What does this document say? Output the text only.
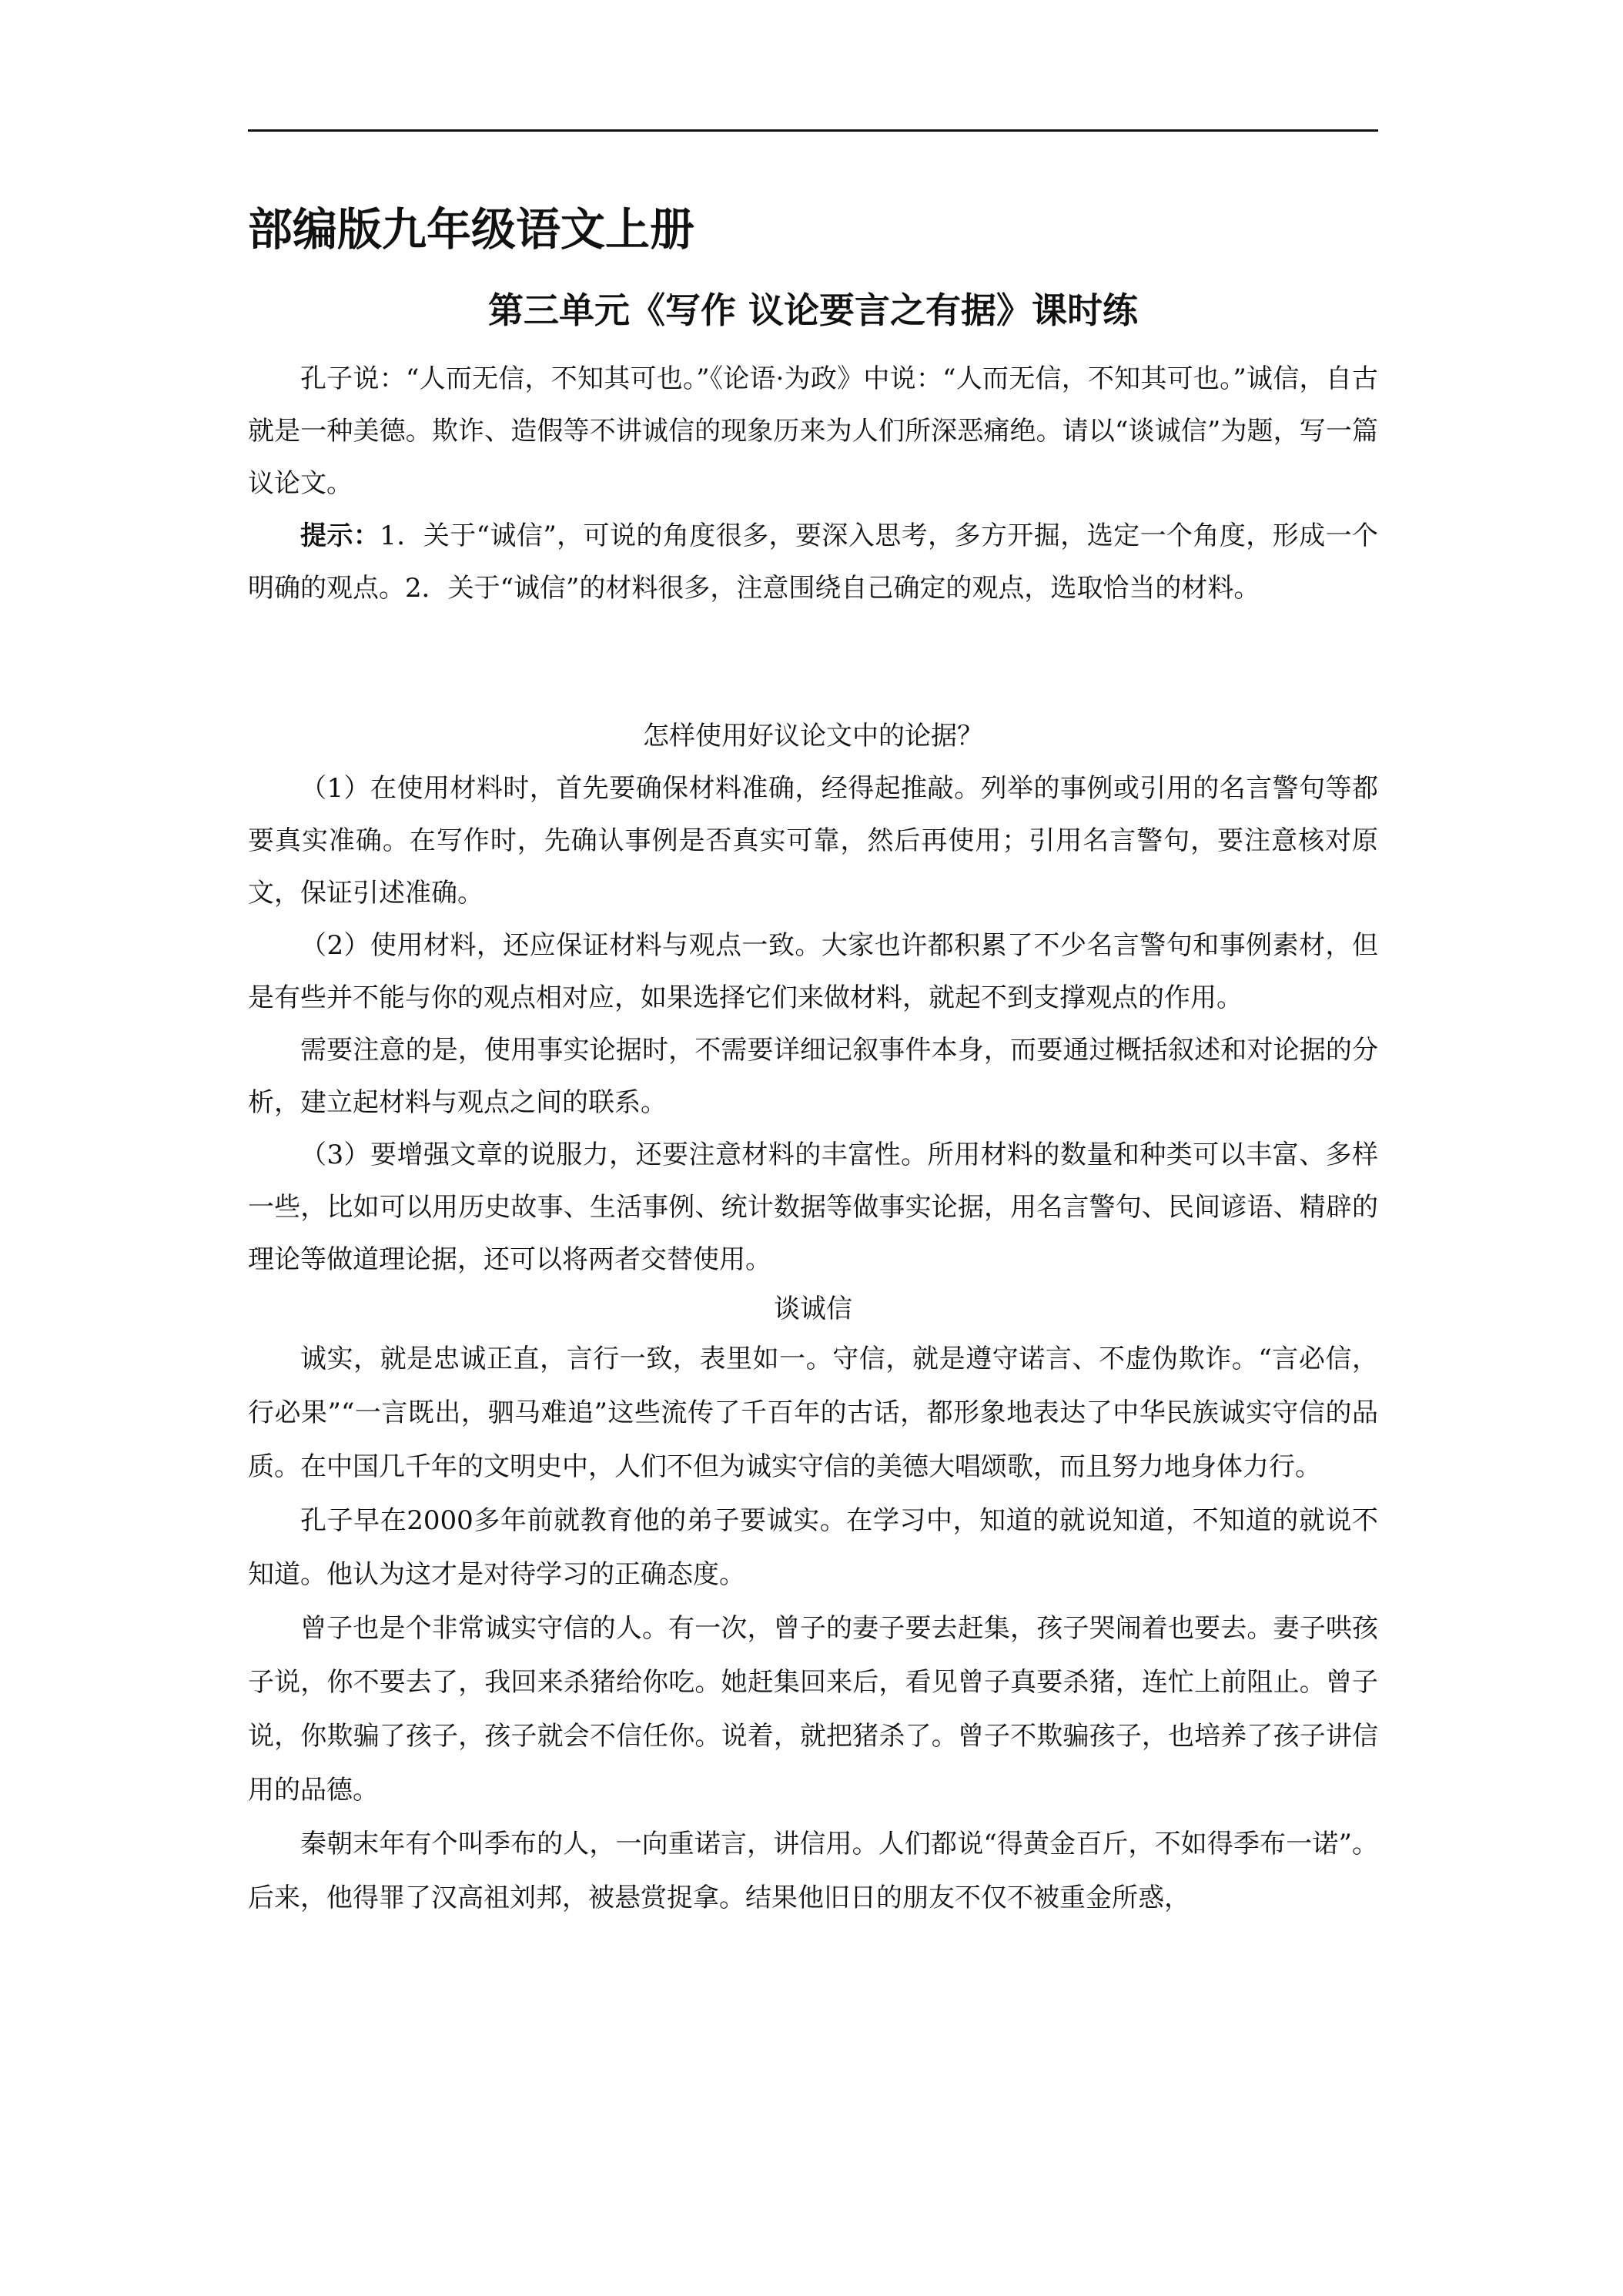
部编版九年级语文上册
第三单元《写作 议论要言之有据》课时练

孔子说：“人而无信，不知其可也。”《论语·为政》中说：“人而无信，不知其可也。”诚信，自古就是一种美德。欺诈、造假等不讲诚信的现象历来为人们所深恶痛绝。请以“谈诚信”为题，写一篇议论文。

提示：1．关于“诚信”，可说的角度很多，要深入思考，多方开掘，选定一个角度，形成一个明确的观点。2．关于“诚信”的材料很多，注意围绕自己确定的观点，选取恰当的材料。

怎样使用好议论文中的论据？

（1）在使用材料时，首先要确保材料准确，经得起推敲。列举的事例或引用的名言警句等都要真实准确。在写作时，先确认事例是否真实可靠，然后再使用；引用名言警句，要注意核对原文，保证引述准确。

（2）使用材料，还应保证材料与观点一致。大家也许都积累了不少名言警句和事例素材，但是有些并不能与你的观点相对应，如果选择它们来做材料，就起不到支撑观点的作用。

需要注意的是，使用事实论据时，不需要详细记叙事件本身，而要通过概括叙述和对论据的分析，建立起材料与观点之间的联系。

（3）要增强文章的说服力，还要注意材料的丰富性。所用材料的数量和种类可以丰富、多样一些，比如可以用历史故事、生活事例、统计数据等做事实论据，用名言警句、民间谚语、精辟的理论等做道理论据，还可以将两者交替使用。

谈诚信

诚实，就是忠诚正直，言行一致，表里如一。守信，就是遵守诺言、不虚伪欺诈。“言必信，行必果”“一言既出，驷马难追”这些流传了千百年的古话，都形象地表达了中华民族诚实守信的品质。在中国几千年的文明史中，人们不但为诚实守信的美德大唱颂歌，而且努力地身体力行。

孔子早在2000多年前就教育他的弟子要诚实。在学习中，知道的就说知道，不知道的就说不知道。他认为这才是对待学习的正确态度。

曾子也是个非常诚实守信的人。有一次，曾子的妻子要去赶集，孩子哭闹着也要去。妻子哄孩子说，你不要去了，我回来杀猪给你吃。她赶集回来后，看见曾子真要杀猪，连忙上前阻止。曾子说，你欺骗了孩子，孩子就会不信任你。说着，就把猪杀了。曾子不欺骗孩子，也培养了孩子讲信用的品德。

秦朝末年有个叫季布的人，一向重诺言，讲信用。人们都说“得黄金百斤，不如得季布一诺”。后来，他得罪了汉高祖刘邦，被悬赏捉拿。结果他旧日的朋友不仅不被重金所惑，
